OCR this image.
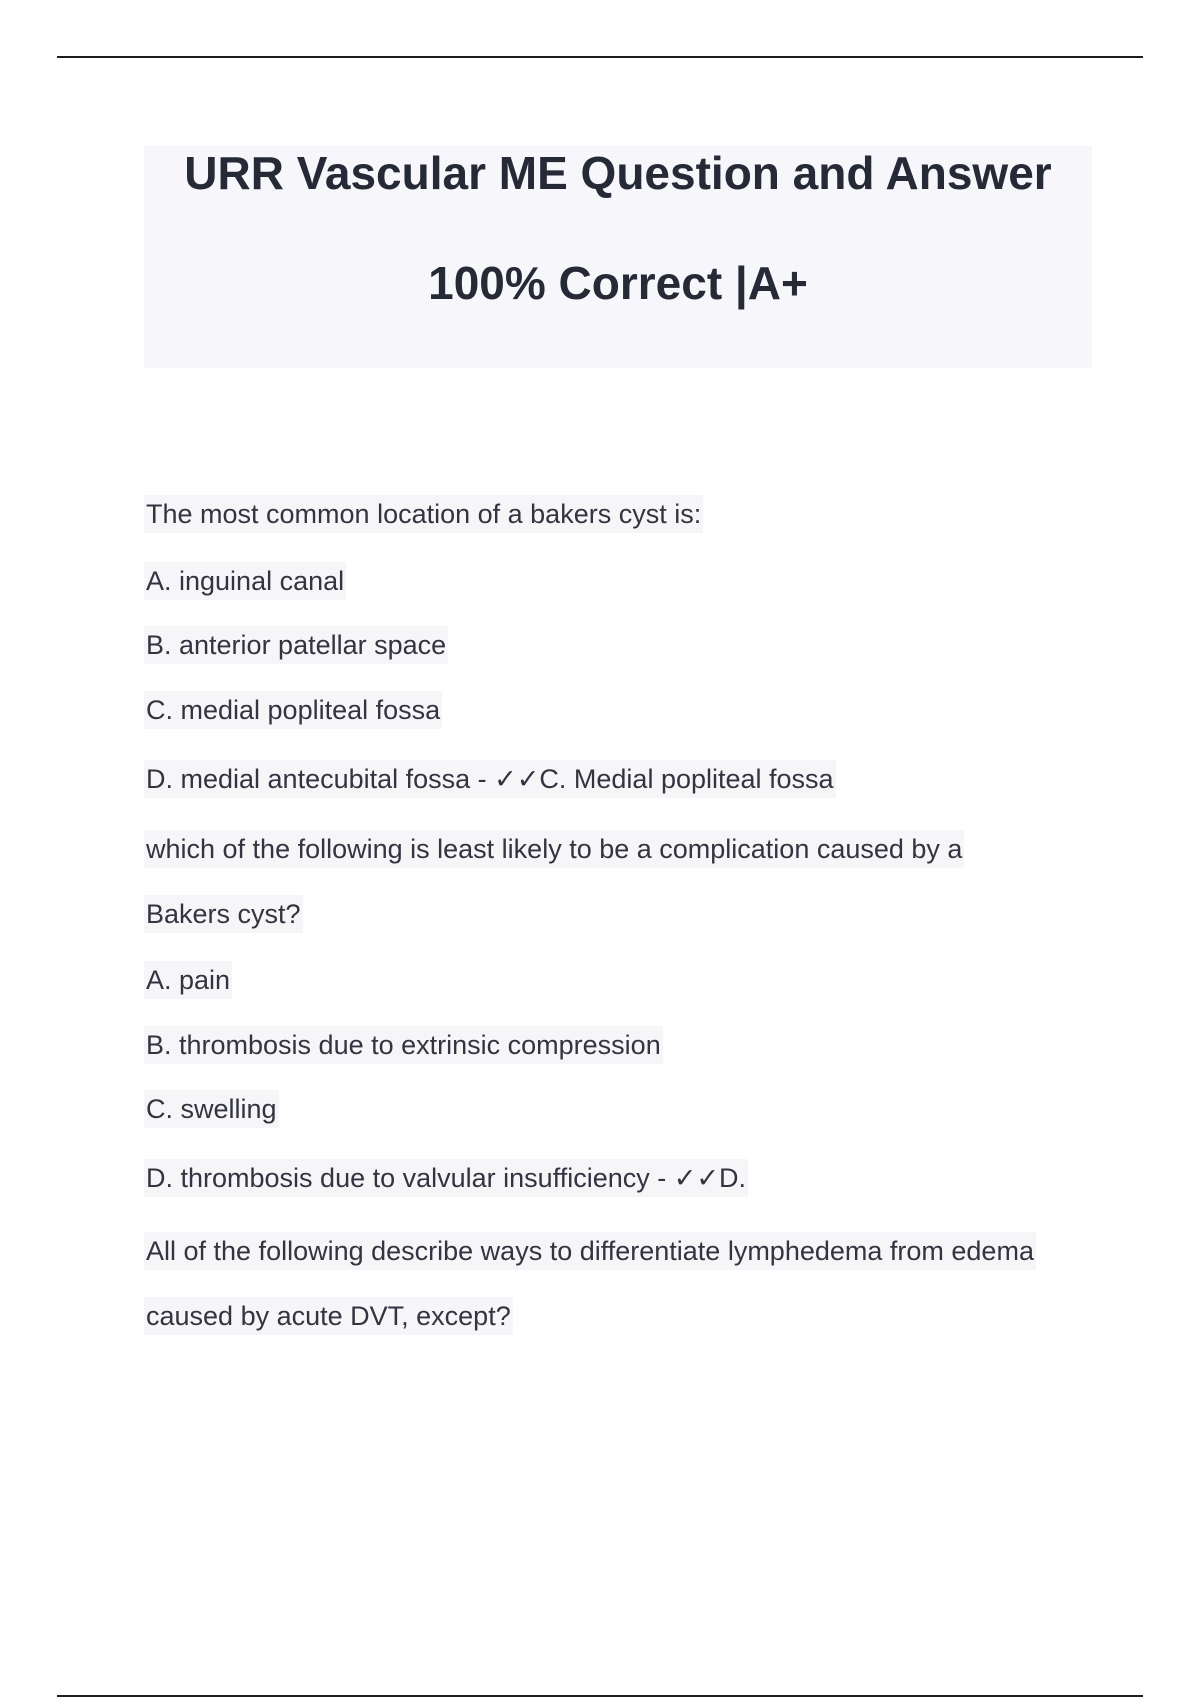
URR Vascular ME Question and Answer
100% Correct |A+
The most common location of a bakers cyst is:
A. inguinal canal
B. anterior patellar space
C. medial popliteal fossa
D. medial antecubital fossa - ✓✓C. Medial popliteal fossa
which of the following is least likely to be a complication caused by a
Bakers cyst?
A. pain
B. thrombosis due to extrinsic compression
C. swelling
D. thrombosis due to valvular insufficiency - ✓✓D.
All of the following describe ways to differentiate lymphedema from edema
caused by acute DVT, except?
